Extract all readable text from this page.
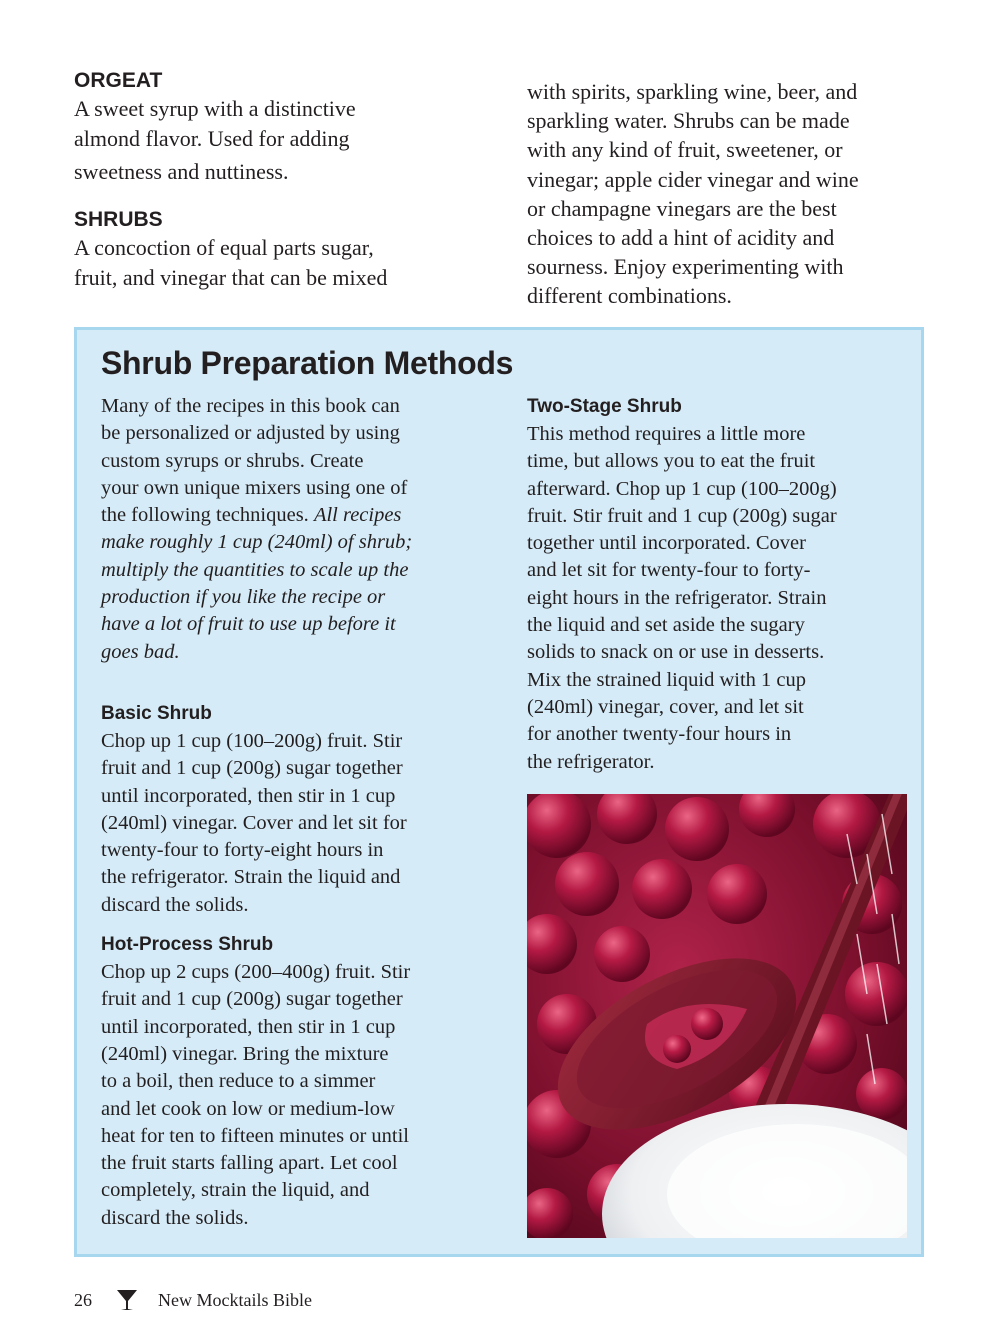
ORGEAT

A sweet syrup with a distinctive

almond flavor. Used for adding

sweetness and nuttiness.

SHRUBS

A concoction of equal parts sugar,

fruit, and vinegar that can be mixed

with spirits, sparkling wine, beer, and

sparkling water. Shrubs can be made

with any kind of fruit, sweetener, or

vinegar; apple cider vinegar and wine

or champagne vinegars are the best

choices to add a hint of acidity and

sourness. Enjoy experimenting with

different combinations.

Shrub Preparation Methods

Many of the recipes in this book can

be personalized or adjusted by using

custom syrups or shrubs. Create

your own unique mixers using one of

the following techniques. All recipes

make roughly 1 cup (240ml) of shrub;

multiply the quantities to scale up the

production if you like the recipe or

have a lot of fruit to use up before it

goes bad.

Basic Shrub

Chop up 1 cup (100–200g) fruit. Stir

fruit and 1 cup (200g) sugar together

until incorporated, then stir in 1 cup

(240ml) vinegar. Cover and let sit for

twenty-four to forty-eight hours in

the refrigerator. Strain the liquid and

discard the solids.

Hot-Process Shrub

Chop up 2 cups (200–400g) fruit. Stir

fruit and 1 cup (200g) sugar together

until incorporated, then stir in 1 cup

(240ml) vinegar. Bring the mixture

to a boil, then reduce to a simmer

and let cook on low or medium-low

heat for ten to fifteen minutes or until

the fruit starts falling apart. Let cool

completely, strain the liquid, and

discard the solids.

Two-Stage Shrub

This method requires a little more

time, but allows you to eat the fruit

afterward. Chop up 1 cup (100–200g)

fruit. Stir fruit and 1 cup (200g) sugar

together until incorporated. Cover

and let sit for twenty-four to forty-

eight hours in the refrigerator. Strain

the liquid and set aside the sugary

solids to snack on or use in desserts.

Mix the strained liquid with 1 cup

(240ml) vinegar, cover, and let sit

for another twenty-four hours in

the refrigerator.

26	New Mocktails Bible
